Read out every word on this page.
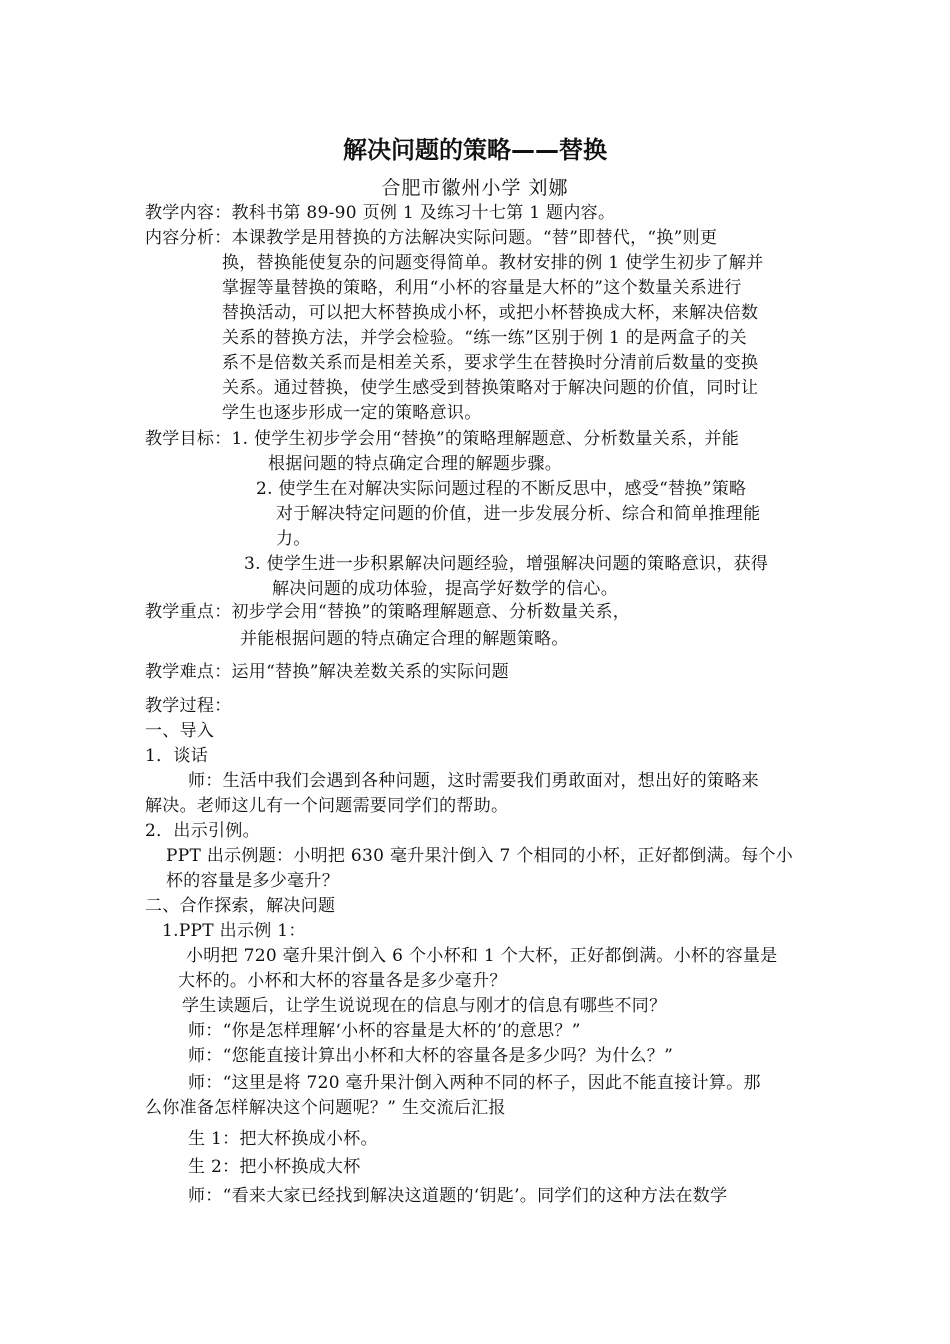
解决问题的策略——替换
合肥市徽州小学 刘娜
教学内容：教科书第 89-90 页例 1 及练习十七第 1 题内容。
内容分析：本课教学是用替换的方法解决实际问题。“替”即替代，“换”则更
换，替换能使复杂的问题变得简单。教材安排的例 1 使学生初步了解并
掌握等量替换的策略，利用“小杯的容量是大杯的”这个数量关系进行
替换活动，可以把大杯替换成小杯，或把小杯替换成大杯，来解决倍数
关系的替换方法，并学会检验。“练一练”区别于例 1 的是两盒子的关
系不是倍数关系而是相差关系，要求学生在替换时分清前后数量的变换
关系。通过替换，使学生感受到替换策略对于解决问题的价值，同时让
学生也逐步形成一定的策略意识。
教学目标：1. 使学生初步学会用“替换”的策略理解题意、分析数量关系，并能
根据问题的特点确定合理的解题步骤。
2. 使学生在对解决实际问题过程的不断反思中，感受“替换”策略
对于解决特定问题的价值，进一步发展分析、综合和简单推理能
力。
3. 使学生进一步积累解决问题经验，增强解决问题的策略意识，获得
解决问题的成功体验，提高学好数学的信心。
教学重点：初步学会用“替换”的策略理解题意、分析数量关系，
并能根据问题的特点确定合理的解题策略。
教学难点：运用“替换”解决差数关系的实际问题
教学过程：
一、导入
1．谈话
师：生活中我们会遇到各种问题，这时需要我们勇敢面对，想出好的策略来
解决。老师这儿有一个问题需要同学们的帮助。
2．出示引例。
PPT 出示例题：小明把 630 毫升果汁倒入 7 个相同的小杯，正好都倒满。每个小
杯的容量是多少毫升？
二、合作探索，解决问题
1.PPT 出示例 1：
小明把 720 毫升果汁倒入 6 个小杯和 1 个大杯，正好都倒满。小杯的容量是
大杯的。小杯和大杯的容量各是多少毫升？
学生读题后，让学生说说现在的信息与刚才的信息有哪些不同？
师：“你是怎样理解‘小杯的容量是大杯的’的意思？”
师：“您能直接计算出小杯和大杯的容量各是多少吗？为什么？”
师：“这里是将 720 毫升果汁倒入两种不同的杯子，因此不能直接计算。那
么你准备怎样解决这个问题呢？” 生交流后汇报
生 1：把大杯换成小杯。
生 2：把小杯换成大杯
师：“看来大家已经找到解决这道题的‘钥匙’。同学们的这种方法在数学
